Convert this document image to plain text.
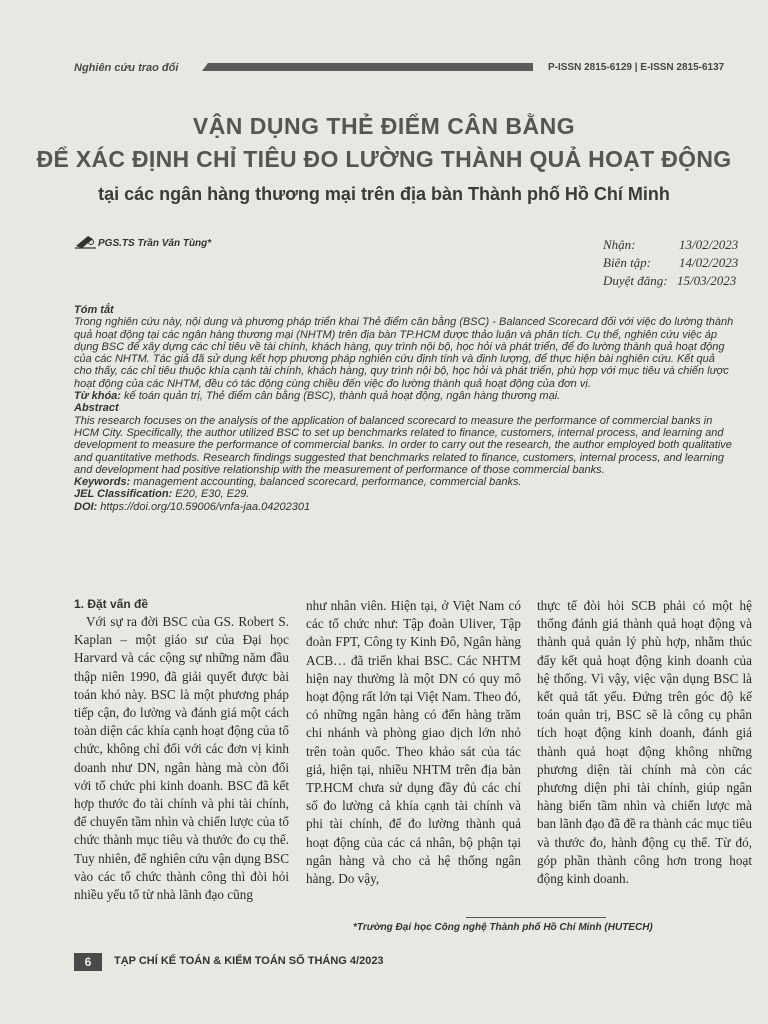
Nghiên cứu trao đổi	P-ISSN 2815-6129 | E-ISSN 2815-6137
VẬN DỤNG THẺ ĐIỂM CÂN BẰNG
ĐỂ XÁC ĐỊNH CHỈ TIÊU ĐO LƯỜNG THÀNH QUẢ HOẠT ĐỘNG
tại các ngân hàng thương mại trên địa bàn Thành phố Hồ Chí Minh
PGS.TS Trần Văn Tùng*	Nhận:	13/02/2023
Biên tập:	14/02/2023
Duyệt đăng: 15/03/2023

Tóm tắt

Trong nghiên cứu này, nội dung và phương pháp triển khai Thẻ điểm cân bằng (BSC) - Balanced Scorecard đối với việc đo lường thành quả hoạt động tại các ngân hàng thương mại (NHTM) trên địa bàn TP.HCM được thảo luận và phân tích. Cụ thể, nghiên cứu việc áp dụng BSC để xây dựng các chỉ tiêu về tài chính, khách hàng, quy trình nội bộ, học hỏi và phát triển, để đo lường thành quả hoạt động của các NHTM. Tác giả đã sử dụng kết hợp phương pháp nghiên cứu định tính và định lượng, để thực hiện bài nghiên cứu. Kết quả cho thấy, các chỉ tiêu thuộc khía cạnh tài chính, khách hàng, quy trình nội bộ, học hỏi và phát triển, phù hợp với mục tiêu và chiến lược hoạt động của các NHTM, đều có tác động cùng chiều đến việc đo lường thành quả hoạt động của đơn vị.

Từ khóa: kế toán quản trị, Thẻ điểm cân bằng (BSC), thành quả hoạt động, ngân hàng thương mại.

Abstract

This research focuses on the analysis of the application of balanced scorecard to measure the performance of commercial banks in HCM City. Specifically, the author utilized BSC to set up benchmarks related to finance, customers, internal process, and learning and development to measure the performance of commercial banks. In order to carry out the research, the author employed both qualitative and quantitative methods. Research findings suggested that benchmarks related to finance, customers, internal process, and learning and development had positive relationship with the measurement of performance of those commercial banks.

Keywords: management accounting, balanced scorecard, performance, commercial banks.

JEL Classification: E20, E30, E29.

DOI: https://doi.org/10.59006/vnfa-jaa.04202301

1. Đặt vấn đề

Với sự ra đời BSC của GS. Robert S. Kaplan – một giáo sư của Đại học Harvard và các cộng sự những năm đầu thập niên 1990, đã giải quyết được bài toán khó này. BSC là một phương pháp tiếp cận, đo lường và đánh giá một cách toàn diện các khía cạnh hoạt động của tổ chức, không chỉ đối với các đơn vị kinh doanh như DN, ngân hàng mà còn đối với tổ chức phi kinh doanh. BSC đã kết hợp thước đo tài chính và phi tài chính, để chuyển tầm nhìn và chiến lược của tổ chức thành mục tiêu và thước đo cụ thể. Tuy nhiên, để nghiên cứu vận dụng BSC vào các tổ chức thành công thì đòi hỏi nhiều yếu tố từ nhà lãnh đạo cũng

như nhân viên. Hiện tại, ở Việt Nam có các tổ chức như: Tập đoàn Uliver, Tập đoàn FPT, Công ty Kinh Đô, Ngân hàng ACB… đã triển khai BSC. Các NHTM hiện nay thường là một DN có quy mô hoạt động rất lớn tại Việt Nam. Theo đó, có những ngân hàng có đến hàng trăm chi nhánh và phòng giao dịch lớn nhỏ trên toàn quốc. Theo khảo sát của tác giả, hiện tại, nhiều NHTM trên địa bàn TP.HCM chưa sử dụng đầy đủ các chỉ số đo lường cả khía cạnh tài chính và phi tài chính, để đo lường thành quả hoạt động của các cá nhân, bộ phận tại ngân hàng và cho cả hệ thống ngân hàng. Do vậy,

thực tế đòi hỏi SCB phải có một hệ thống đánh giá thành quả hoạt động và thành quả quản lý phù hợp, nhằm thúc đẩy kết quả hoạt động kinh doanh của hệ thống. Vì vậy, việc vận dụng BSC là kết quả tất yếu. Đứng trên góc độ kế toán quản trị, BSC sẽ là công cụ phân tích hoạt động kinh doanh, đánh giá thành quả hoạt động không những phương diện tài chính mà còn các phương diện phi tài chính, giúp ngân hàng biến tầm nhìn và chiến lược mà ban lãnh đạo đã đề ra thành các mục tiêu và thước đo, hành động cụ thể. Từ đó, góp phần thành công hơn trong hoạt động kinh doanh.

*Trường Đại học Công nghệ Thành phố Hồ Chí Minh (HUTECH)
6	TẠP CHÍ KẾ TOÁN & KIỂM TOÁN SỐ THÁNG 4/2023
